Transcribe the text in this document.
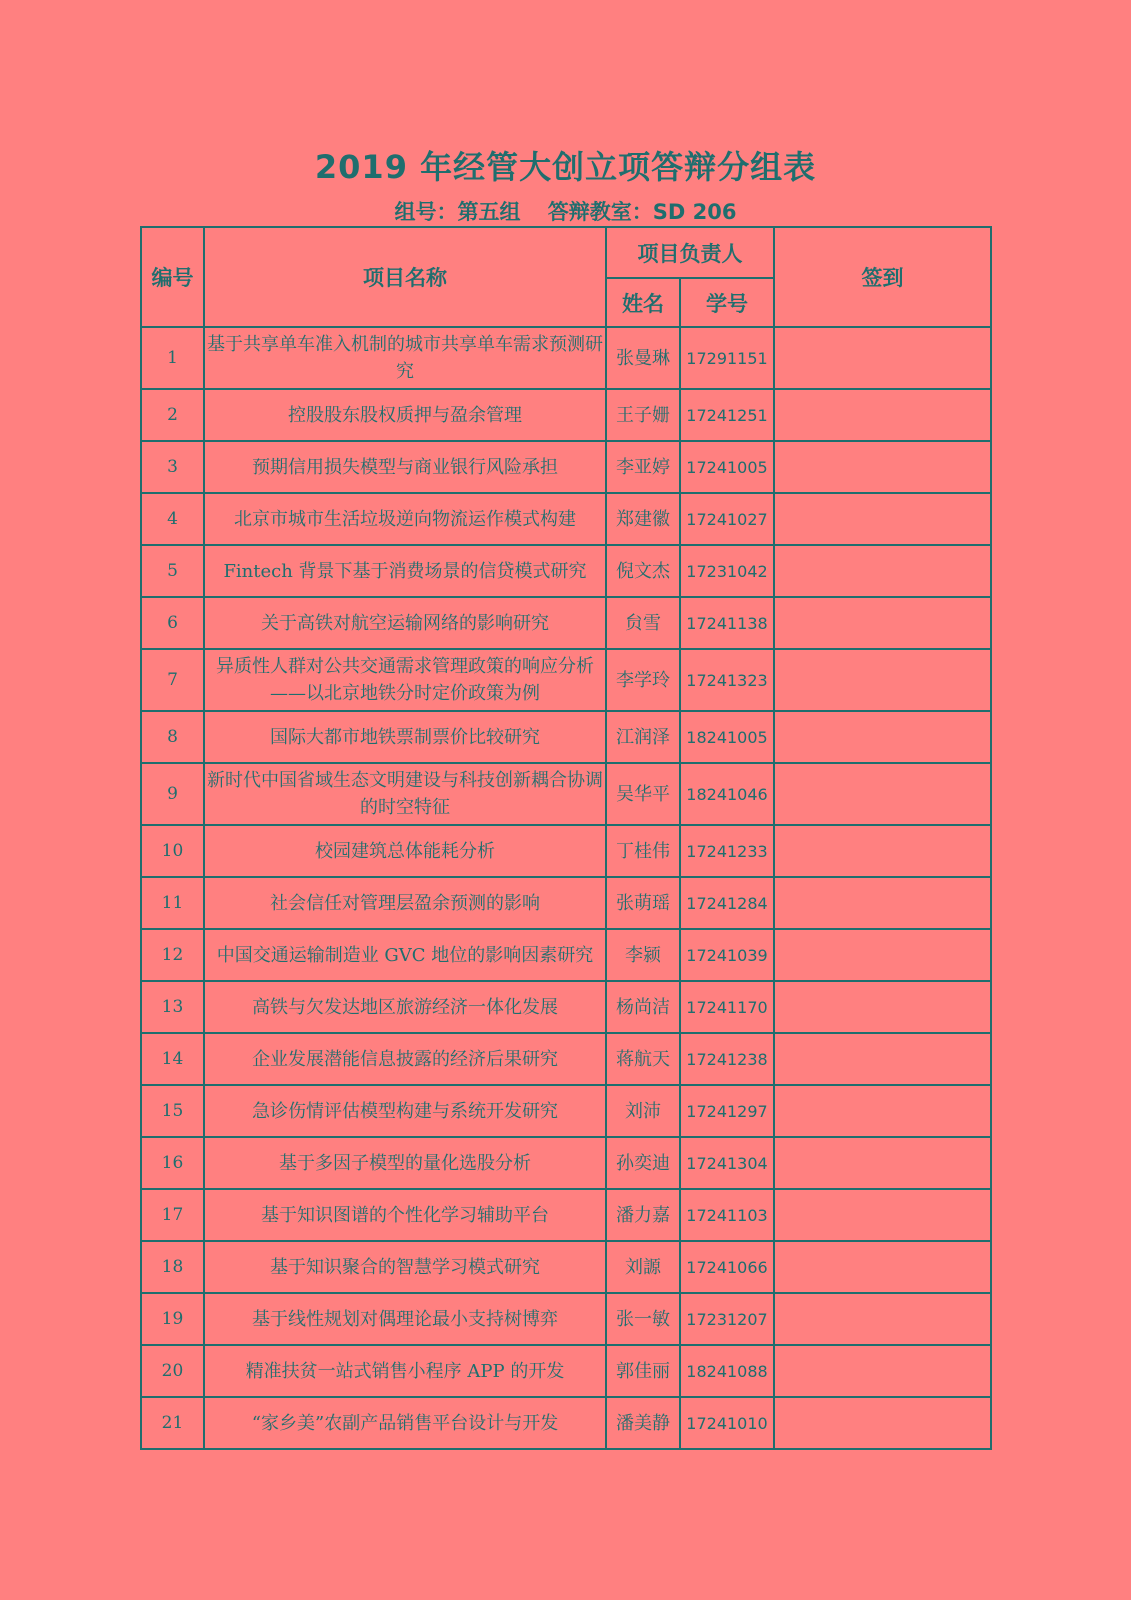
2019 年经管大创立项答辩分组表
组号：第五组 答辩教室：SD 206
编号	项目名称	项目负责人		签到
		姓名	学号	
1	基于共享单车准入机制的城市共享单车需求预测研究	张曼琳	17291151	
2	控股股东股权质押与盈余管理	王子姗	17241251	
3	预期信用损失模型与商业银行风险承担	李亚婷	17241005	
4	北京市城市生活垃圾逆向物流运作模式构建	郑建徽	17241027	
5	Fintech 背景下基于消费场景的信贷模式研究	倪文杰	17231042	
6	关于高铁对航空运输网络的影响研究	贠雪	17241138	
7	异质性人群对公共交通需求管理政策的响应分析——以北京地铁分时定价政策为例	李学玲	17241323	
8	国际大都市地铁票制票价比较研究	江润泽	18241005	
9	新时代中国省域生态文明建设与科技创新耦合协调的时空特征	吴华平	18241046	
10	校园建筑总体能耗分析	丁桂伟	17241233	
11	社会信任对管理层盈余预测的影响	张萌瑶	17241284	
12	中国交通运输制造业 GVC 地位的影响因素研究	李颍	17241039	
13	高铁与欠发达地区旅游经济一体化发展	杨尚洁	17241170	
14	企业发展潜能信息披露的经济后果研究	蒋航天	17241238	
15	急诊伤情评估模型构建与系统开发研究	刘沛	17241297	
16	基于多因子模型的量化选股分析	孙奕迪	17241304	
17	基于知识图谱的个性化学习辅助平台	潘力嘉	17241103	
18	基于知识聚合的智慧学习模式研究	刘謜	17241066	
19	基于线性规划对偶理论最小支持树博弈	张一敏	17231207	
20	精准扶贫一站式销售小程序 APP 的开发	郭佳丽	18241088	
21	“家乡美”农副产品销售平台设计与开发	潘美静	17241010	
